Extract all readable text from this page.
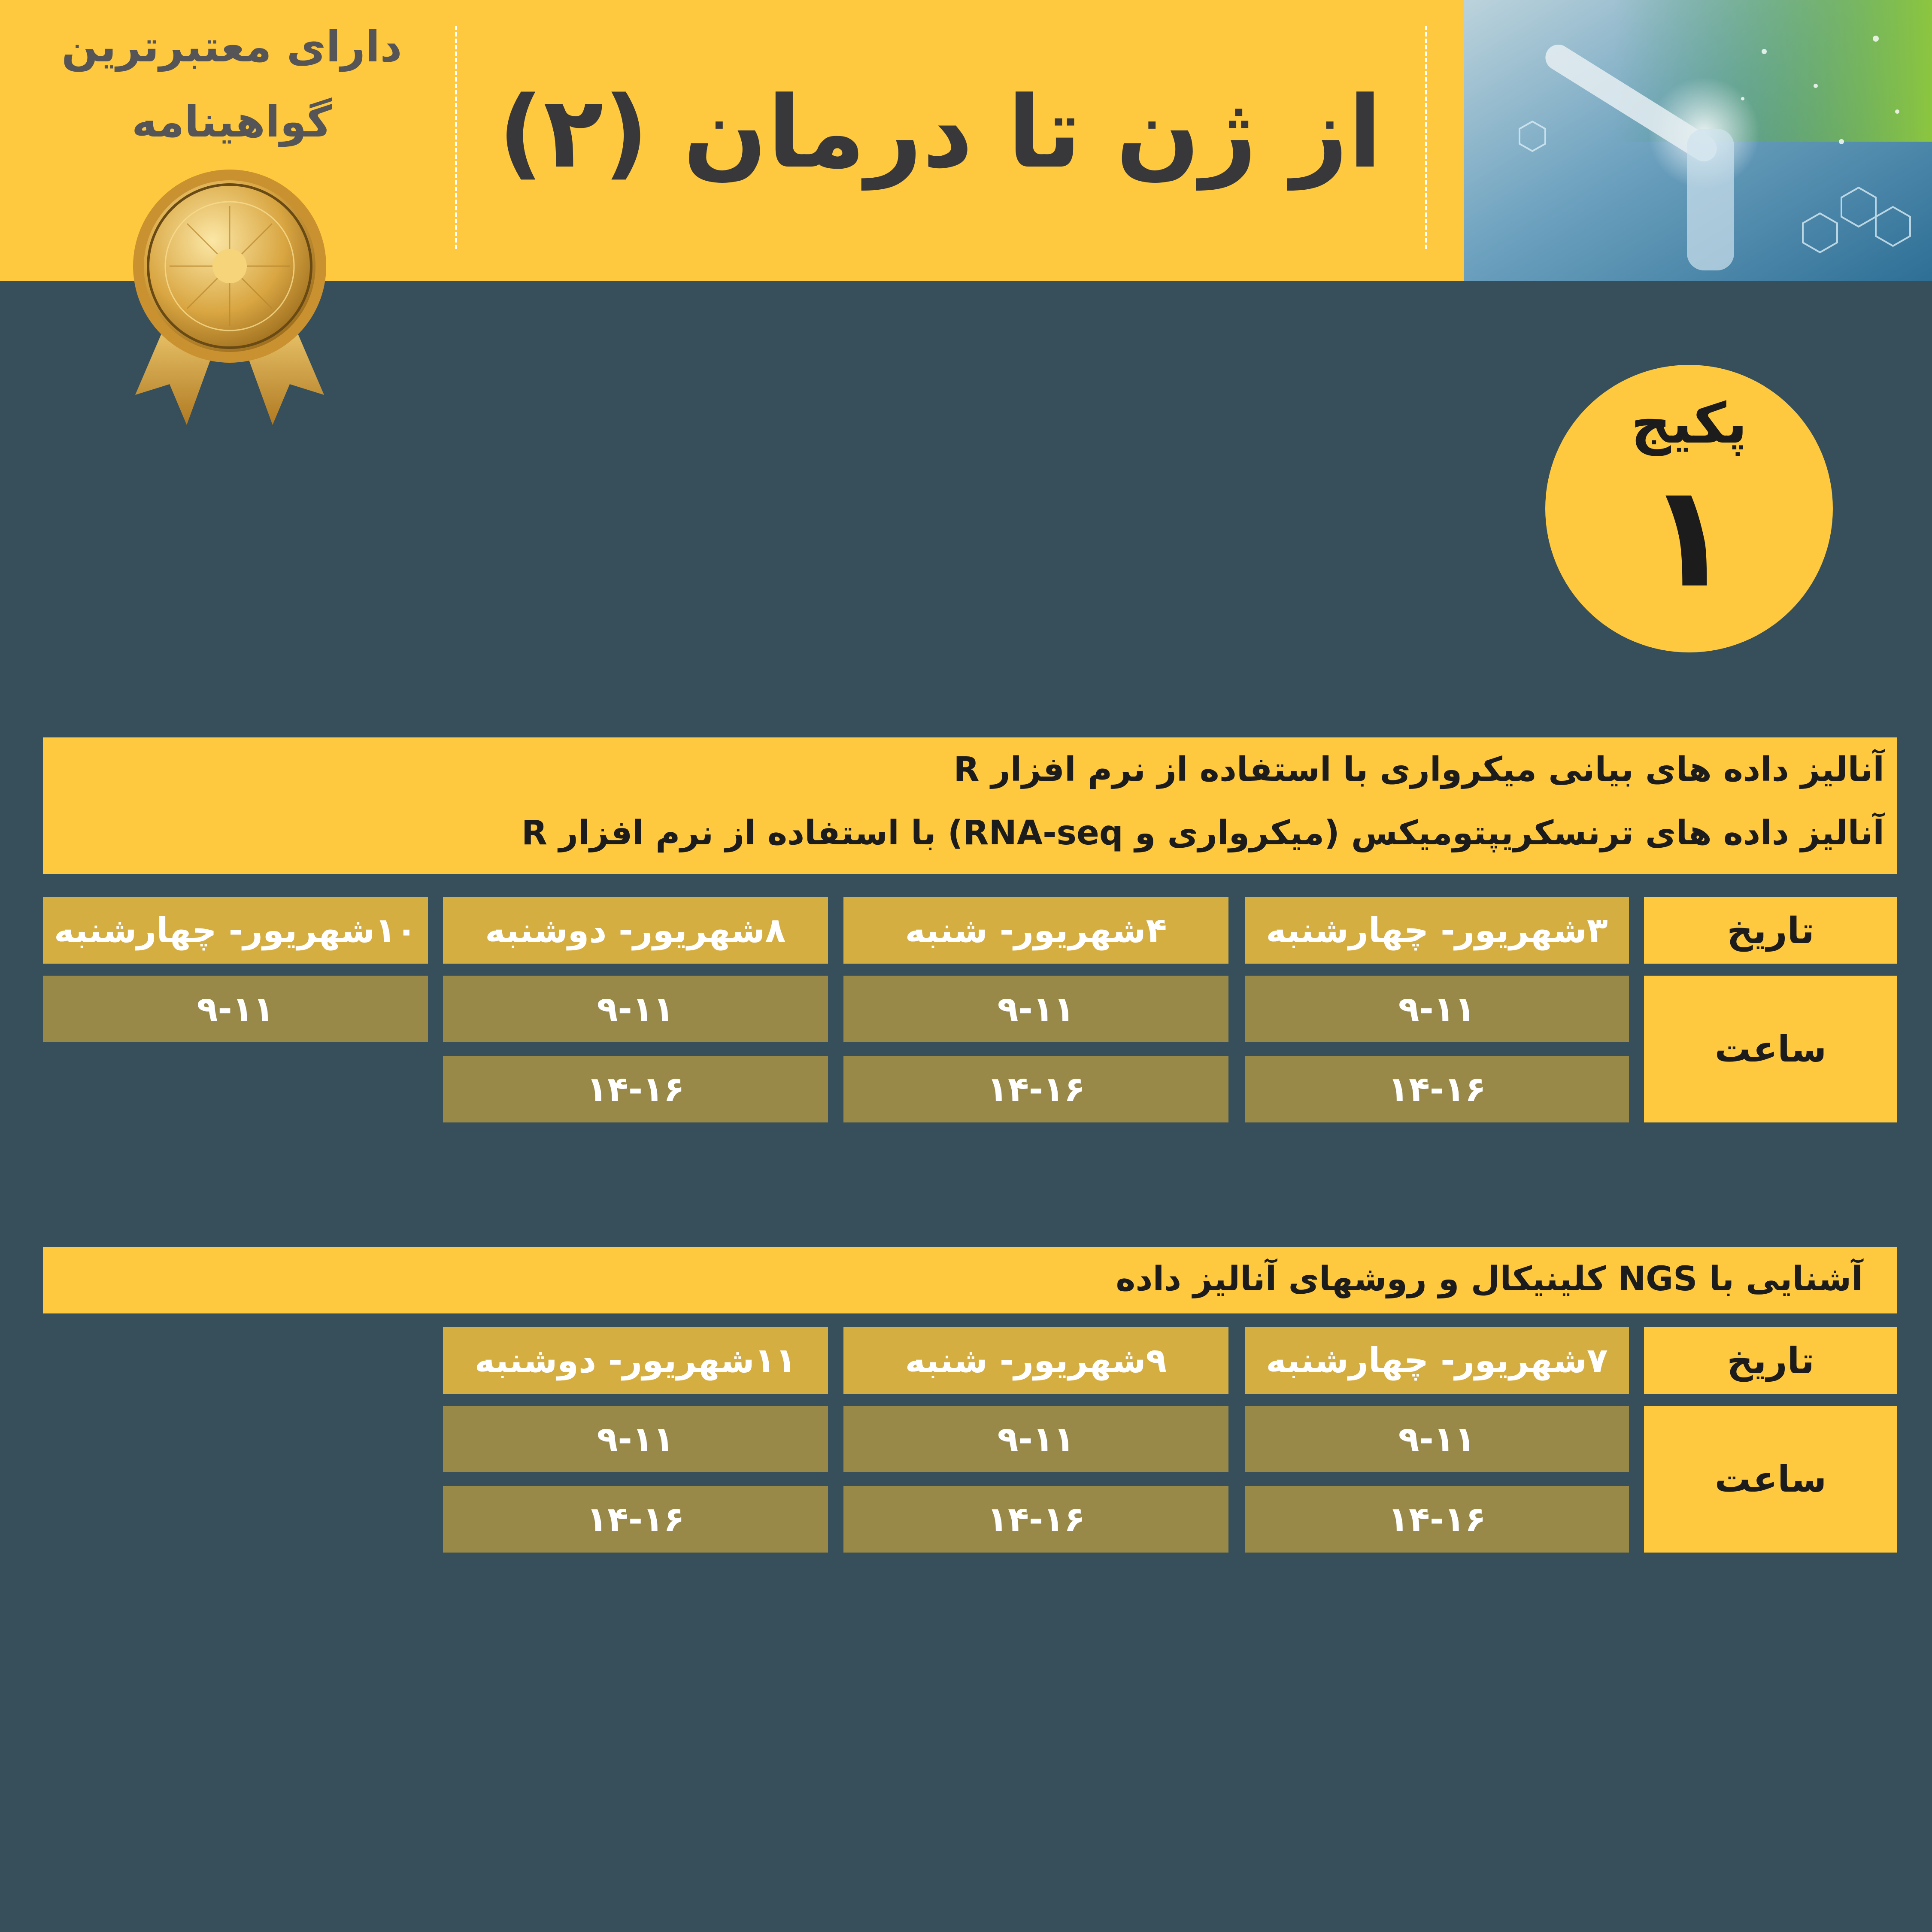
دارای معتبرترین
گواهینامه	از ژن تا درمان (۲)
پکیج
۱
آنالیز داده های بیانی میکرواری با استفاده از نرم افزار R
آنالیز داده های ترنسکریپتومیکس (میکرواری و RNA-seq) با استفاده از نرم افزار R
تاریخ
ساعت
۳شهریور- چهارشنبه
۴شهریور- شنبه
۸شهریور- دوشنبه
۱۰شهریور- چهارشنبه
۹-۱۱
۹-۱۱
۹-۱۱
۹-۱۱
۱۴-۱۶
۱۴-۱۶
۱۴-۱۶
آشنایی با NGS کلینیکال و روشهای آنالیز داده
تاریخ
ساعت
۷شهریور- چهارشنبه
۹شهریور- شنبه
۱۱شهریور- دوشنبه
۹-۱۱
۹-۱۱
۹-۱۱
۱۴-۱۶
۱۴-۱۶
۱۴-۱۶
